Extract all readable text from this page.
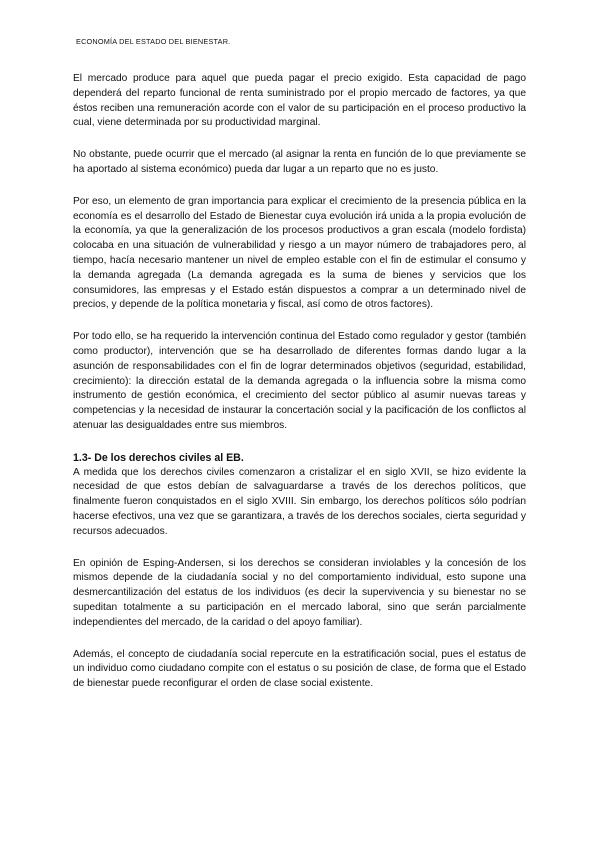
ECONOMÍA DEL ESTADO DEL BIENESTAR.

El mercado produce para aquel que pueda pagar el precio exigido. Esta capacidad de pago dependerá del reparto funcional de renta suministrado por el propio mercado de factores, ya que éstos reciben una remuneración acorde con el valor de su participación en el proceso productivo la cual, viene determinada por su productividad marginal.

No obstante, puede ocurrir que el mercado (al asignar la renta en función de lo que previamente se ha aportado al sistema económico) pueda dar lugar a un reparto que no es justo.

Por eso, un elemento de gran importancia para explicar el crecimiento de la presencia pública en la economía es el desarrollo del Estado de Bienestar cuya evolución irá unida a la propia evolución de la economía, ya que la generalización de los procesos productivos a gran escala (modelo fordista) colocaba en una situación de vulnerabilidad y riesgo a un mayor número de trabajadores pero, al tiempo, hacía necesario mantener un nivel de empleo estable con el fin de estimular el consumo y la demanda agregada (La demanda agregada es la suma de bienes y servicios que los consumidores, las empresas y el Estado están dispuestos a comprar a un determinado nivel de precios, y depende de la política monetaria y fiscal, así como de otros factores).

Por todo ello, se ha requerido la intervención continua del Estado como regulador y gestor (también como productor), intervención que se ha desarrollado de diferentes formas dando lugar a la asunción de responsabilidades con el fin de lograr determinados objetivos (seguridad, estabilidad, crecimiento): la dirección estatal de la demanda agregada o la influencia sobre la misma como instrumento de gestión económica, el crecimiento del sector público al asumir nuevas tareas y competencias y la necesidad de instaurar la concertación social y la pacificación de los conflictos al atenuar las desigualdades entre sus miembros.

1.3- De los derechos civiles al EB.

A medida que los derechos civiles comenzaron a cristalizar el en siglo XVII, se hizo evidente la necesidad de que estos debían de salvaguardarse a través de los derechos políticos, que finalmente fueron conquistados en el siglo XVIII. Sin embargo, los derechos políticos sólo podrían hacerse efectivos, una vez que se garantizara, a través de los derechos sociales, cierta seguridad y recursos adecuados.

En opinión de Esping-Andersen, si los derechos se consideran inviolables y la concesión de los mismos depende de la ciudadanía social y no del comportamiento individual, esto supone una desmercantilización del estatus de los individuos (es decir la supervivencia y su bienestar no se supeditan totalmente a su participación en el mercado laboral, sino que serán parcialmente independientes del mercado, de la caridad o del apoyo familiar).

Además, el concepto de ciudadanía social repercute en la estratificación social, pues el estatus de un individuo como ciudadano compite con el estatus o su posición de clase, de forma que el Estado de bienestar puede reconfigurar el orden de clase social existente.
